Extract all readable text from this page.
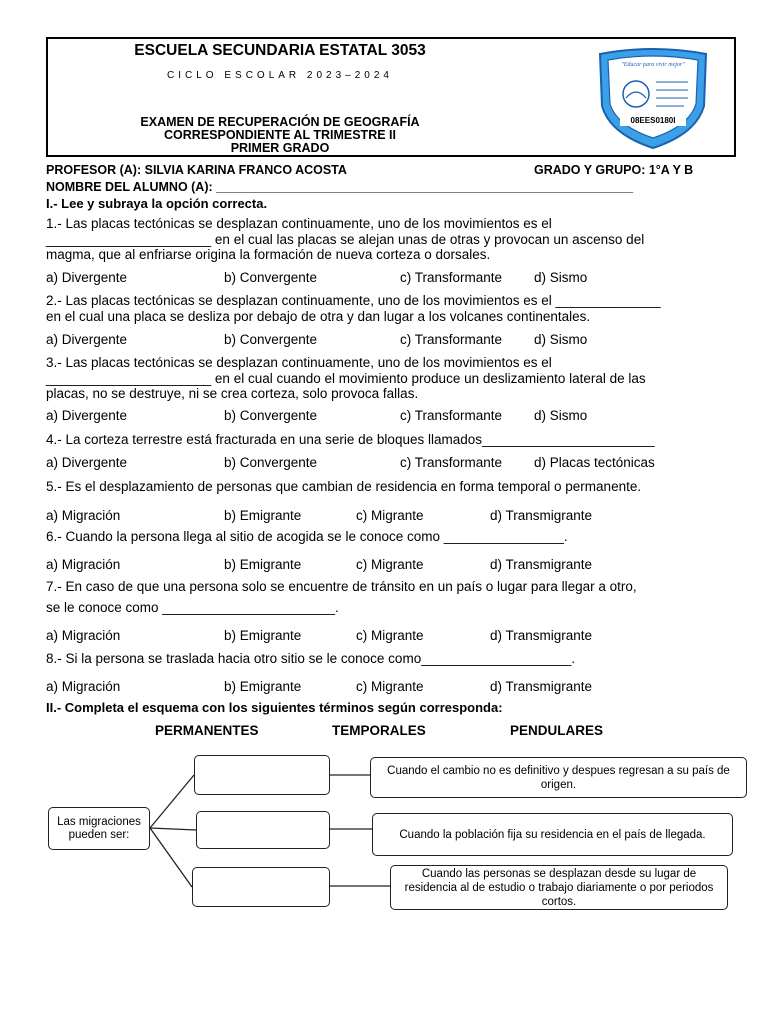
ESCUELA SECUNDARIA ESTATAL 3053
CICLO ESCOLAR 2023–2024
EXAMEN DE RECUPERACIÓN DE GEOGRAFÍA
CORRESPONDIENTE AL TRIMESTRE II
PRIMER GRADO
"Educar para vivir mejor"
08EES0180I
PROFESOR (A): SILVIA KARINA FRANCO ACOSTA	GRADO Y GRUPO: 1°A Y B
NOMBRE DEL ALUMNO (A): ____________________________________________________________
I.- Lee y subraya la opción correcta.
1.- Las placas tectónicas se desplazan continuamente, uno de los movimientos es el
______________________ en el cual las placas se alejan unas de otras y provocan un ascenso del
magma, que al enfriarse origina la formación de nueva corteza o dorsales.
a) Divergente	b) Convergente	c) Transformante d) Sismo
2.- Las placas tectónicas se desplazan continuamente, uno de los movimientos es el ______________
en el cual una placa se desliza por debajo de otra y dan lugar a los volcanes continentales.
a) Divergente	b) Convergente	c) Transformante d) Sismo
3.- Las placas tectónicas se desplazan continuamente, uno de los movimientos es el
______________________ en el cual cuando el movimiento produce un deslizamiento lateral de las
placas, no se destruye, ni se crea corteza, solo provoca fallas.
a) Divergente	b) Convergente	c) Transformante d) Sismo
4.- La corteza terrestre está fracturada en una serie de bloques llamados_______________________
a) Divergente	b) Convergente	c) Transformante d) Placas tectónicas
5.- Es el desplazamiento de personas que cambian de residencia en forma temporal o permanente.
a) Migración	b) Emigrante	c) Migrante	d) Transmigrante
6.- Cuando la persona llega al sitio de acogida se le conoce como ________________.
a) Migración	b) Emigrante	c) Migrante	d) Transmigrante
7.- En caso de que una persona solo se encuentre de tránsito en un país o lugar para llegar a otro,
se le conoce como _______________________.
a) Migración	b) Emigrante	c) Migrante	d) Transmigrante
8.- Si la persona se traslada hacia otro sitio se le conoce como____________________.
a) Migración	b) Emigrante	c) Migrante	d) Transmigrante
II.- Completa el esquema con los siguientes términos según corresponda:
PERMANENTES	TEMPORALES	PENDULARES
Las migraciones pueden ser:
Cuando el cambio no es definitivo y despues regresan a su país de origen.
Cuando la población fija su residencia en el país de llegada.
Cuando las personas se desplazan desde su lugar de residencia al de estudio o trabajo diariamente o por periodos cortos.
